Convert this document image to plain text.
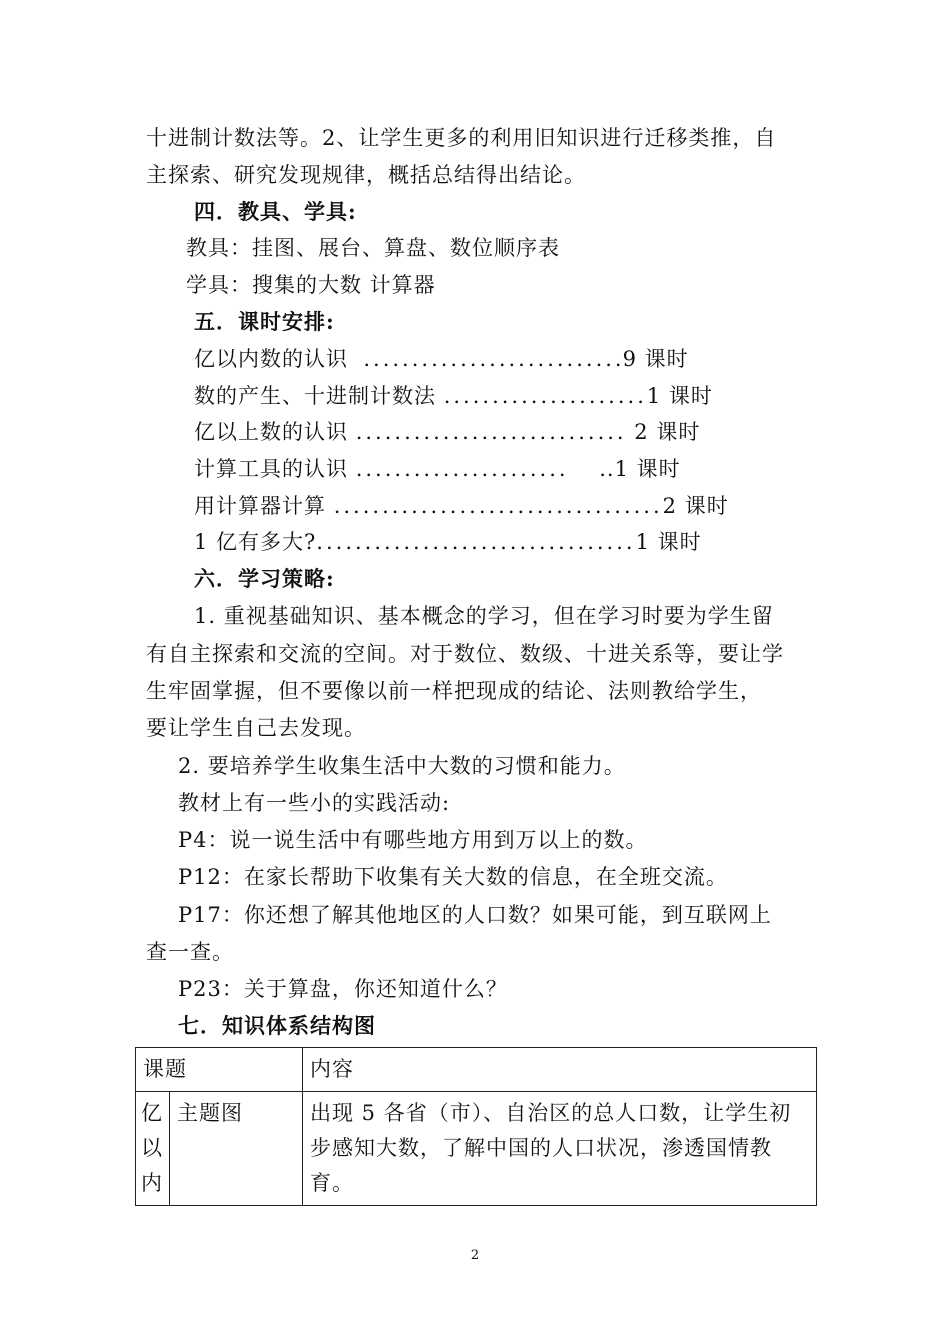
十进制计数法等。2、让学生更多的利用旧知识进行迁移类推，自
主探索、研究发现规律，概括总结得出结论。
四．教具、学具:
教具：挂图、展台、算盘、数位顺序表
学具：搜集的大数 计算器
五．课时安排:
亿以内数的认识 ...........................9 课时
数的产生、十进制计数法 .....................1 课时
亿以上数的认识 ............................ 2 课时
计算工具的认识 ...................... ..1 课时
用计算器计算 ..................................2 课时
1 亿有多大?.................................1 课时
六．学习策略:
1. 重视基础知识、基本概念的学习，但在学习时要为学生留
有自主探索和交流的空间。对于数位、数级、十进关系等，要让学
生牢固掌握，但不要像以前一样把现成的结论、法则教给学生，
要让学生自己去发现。
2. 要培养学生收集生活中大数的习惯和能力。
教材上有一些小的实践活动:
P4：说一说生活中有哪些地方用到万以上的数。
P12：在家长帮助下收集有关大数的信息，在全班交流。
P17：你还想了解其他地区的人口数？如果可能，到互联网上
查一查。
P23：关于算盘，你还知道什么？
七．知识体系结构图
课题		内容
亿以内	主题图	出现 5 各省（市）、自治区的总人口数，让学生初步感知大数，了解中国的人口状况，渗透国情教育。
2
